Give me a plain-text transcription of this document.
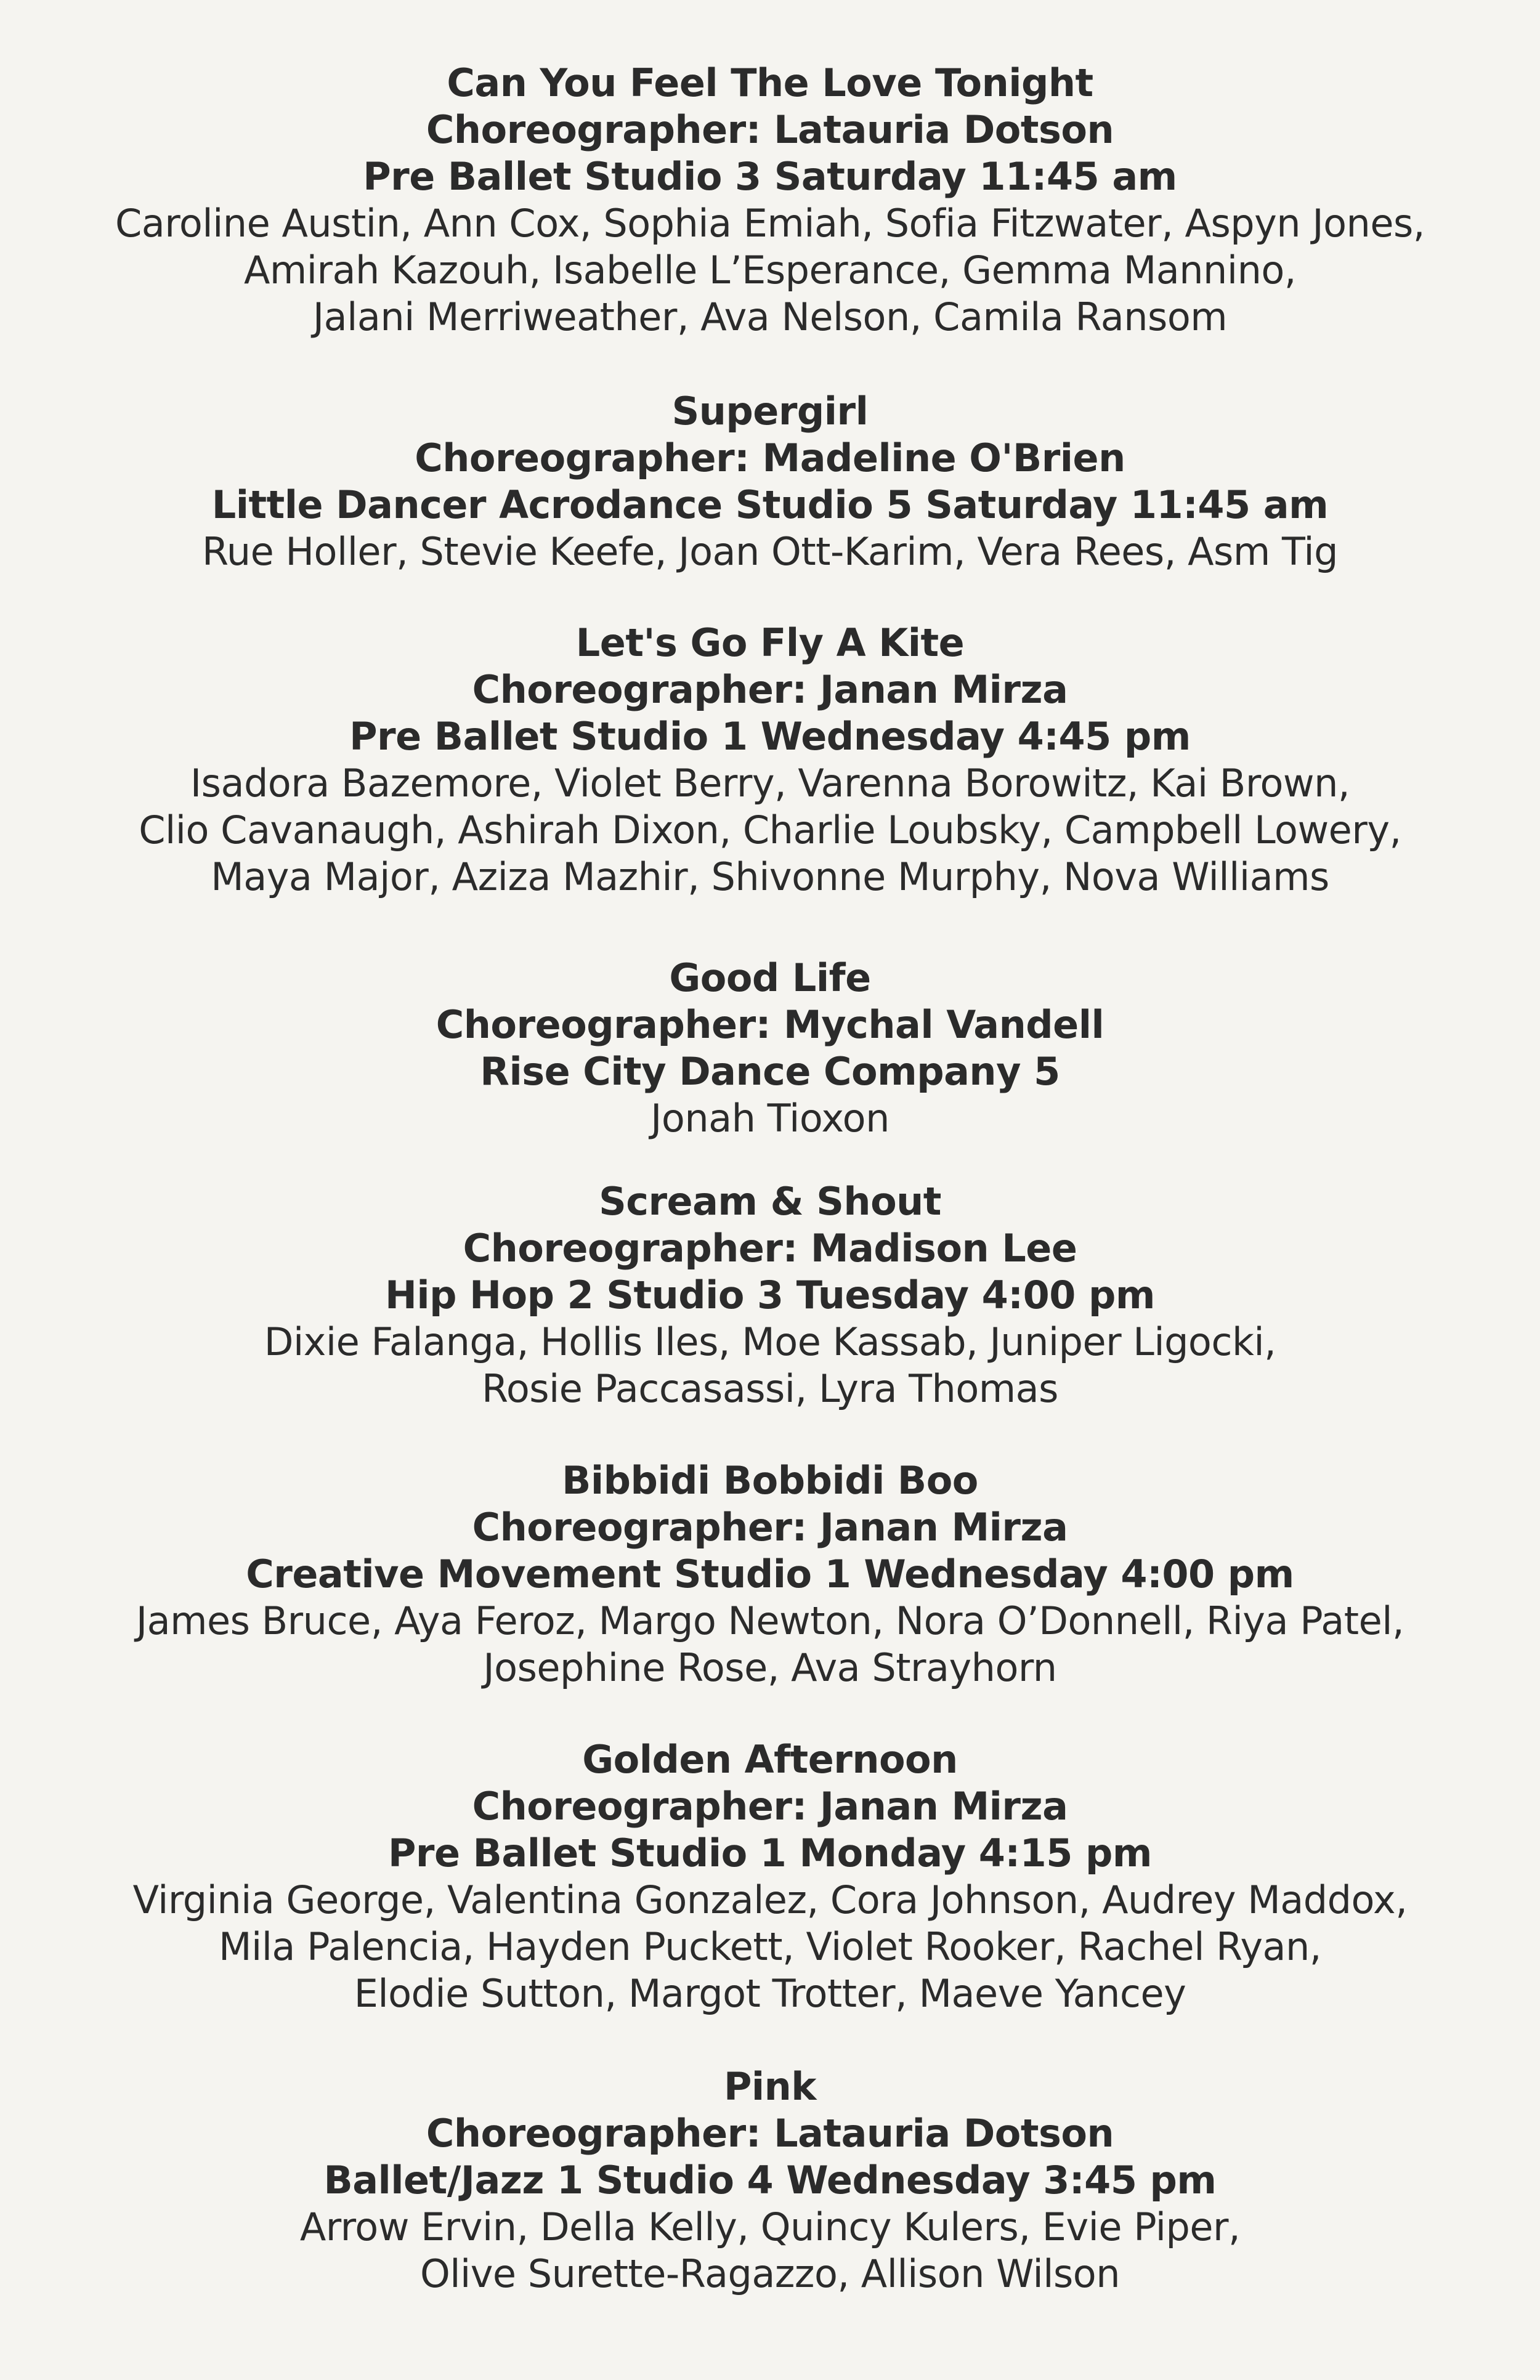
Can You Feel The Love Tonight
Choreographer: Latauria Dotson
Pre Ballet Studio 3 Saturday 11:45 am
Caroline Austin, Ann Cox, Sophia Emiah, Sofia Fitzwater, Aspyn Jones,
Amirah Kazouh, Isabelle L’Esperance, Gemma Mannino,
Jalani Merriweather, Ava Nelson, Camila Ransom
Supergirl
Choreographer: Madeline O'Brien
Little Dancer Acrodance Studio 5 Saturday 11:45 am
Rue Holler, Stevie Keefe, Joan Ott-Karim, Vera Rees, Asm Tig
Let's Go Fly A Kite
Choreographer: Janan Mirza
Pre Ballet Studio 1 Wednesday 4:45 pm
Isadora Bazemore, Violet Berry, Varenna Borowitz, Kai Brown,
Clio Cavanaugh, Ashirah Dixon, Charlie Loubsky, Campbell Lowery,
Maya Major, Aziza Mazhir, Shivonne Murphy, Nova Williams
Good Life
Choreographer: Mychal Vandell
Rise City Dance Company 5
Jonah Tioxon
Scream & Shout
Choreographer: Madison Lee
Hip Hop 2 Studio 3 Tuesday 4:00 pm
Dixie Falanga, Hollis Iles, Moe Kassab, Juniper Ligocki,
Rosie Paccasassi, Lyra Thomas
Bibbidi Bobbidi Boo
Choreographer: Janan Mirza
Creative Movement Studio 1 Wednesday 4:00 pm
James Bruce, Aya Feroz, Margo Newton, Nora O’Donnell, Riya Patel,
Josephine Rose, Ava Strayhorn
Golden Afternoon
Choreographer: Janan Mirza
Pre Ballet Studio 1 Monday 4:15 pm
Virginia George, Valentina Gonzalez, Cora Johnson, Audrey Maddox,
Mila Palencia, Hayden Puckett, Violet Rooker, Rachel Ryan,
Elodie Sutton, Margot Trotter, Maeve Yancey
Pink
Choreographer: Latauria Dotson
Ballet/Jazz 1 Studio 4 Wednesday 3:45 pm
Arrow Ervin, Della Kelly, Quincy Kulers, Evie Piper,
Olive Surette-Ragazzo, Allison Wilson
